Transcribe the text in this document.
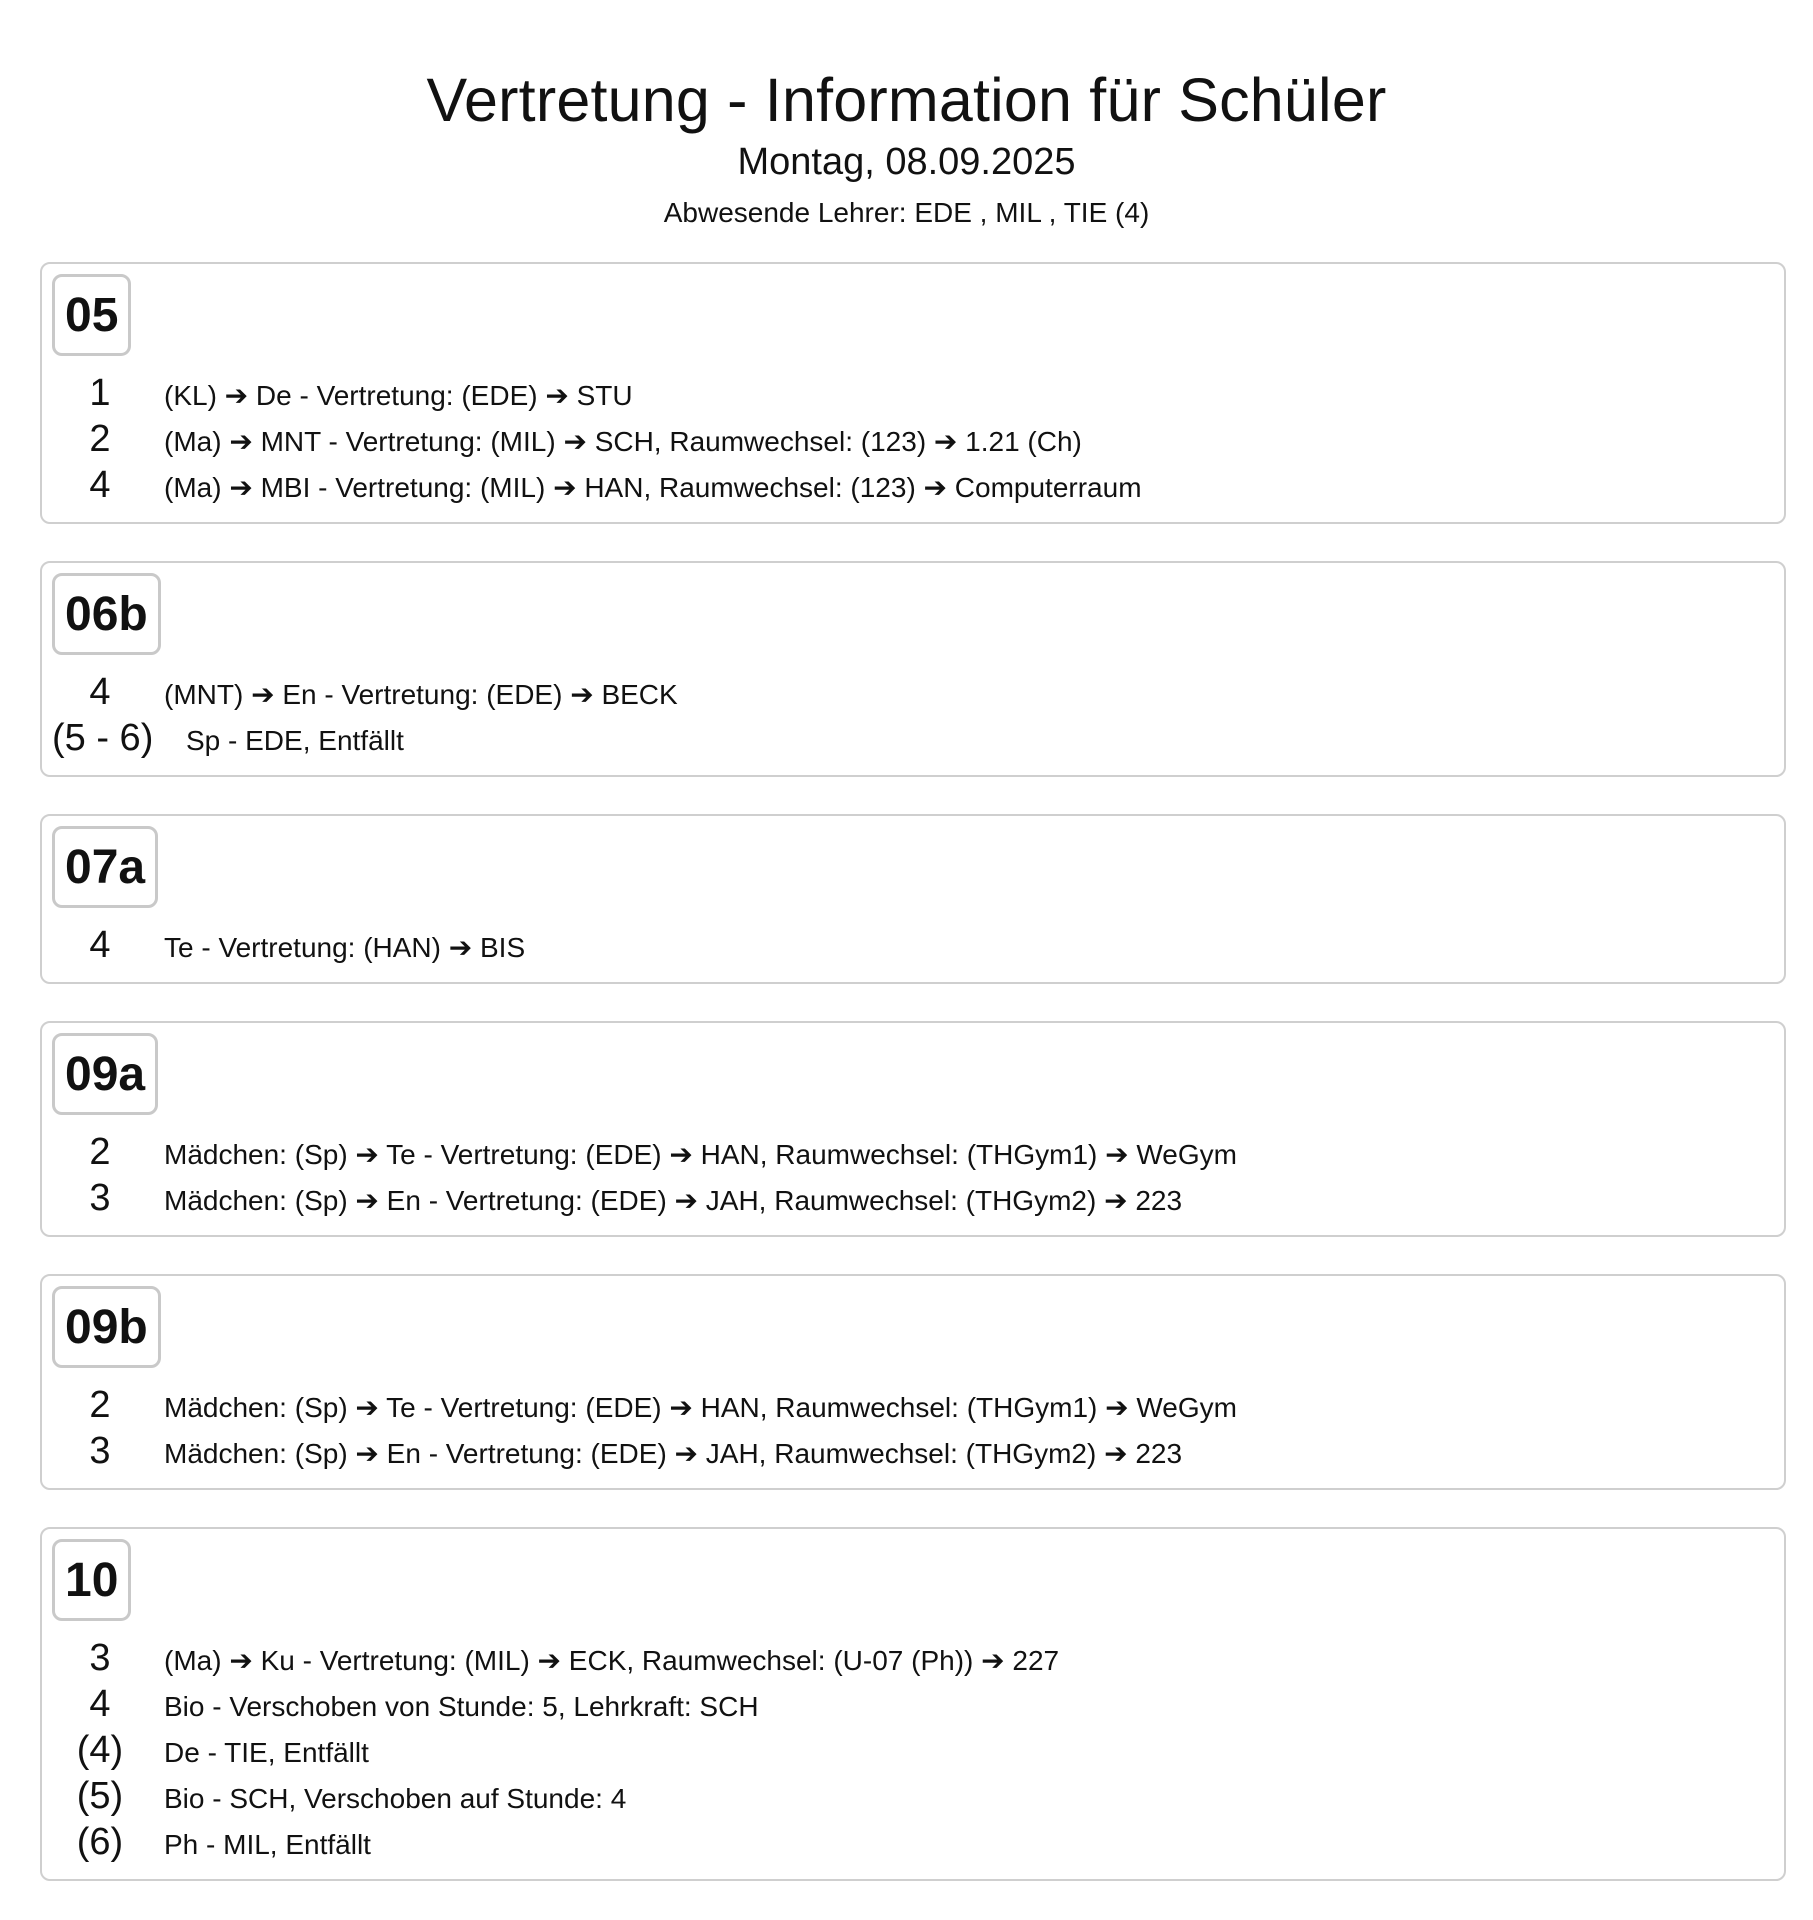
Vertretung - Information für Schüler
Montag, 08.09.2025
Abwesende Lehrer: EDE , MIL , TIE (4)
05
1	(KL) ➔ De - Vertretung: (EDE) ➔ STU
2	(Ma) ➔ MNT - Vertretung: (MIL) ➔ SCH, Raumwechsel: (123) ➔ 1.21 (Ch)
4	(Ma) ➔ MBI - Vertretung: (MIL) ➔ HAN, Raumwechsel: (123) ➔ Computerraum
06b
4	(MNT) ➔ En - Vertretung: (EDE) ➔ BECK
(5 - 6)	Sp - EDE, Entfällt
07a
4	Te - Vertretung: (HAN) ➔ BIS
09a
2	Mädchen: (Sp) ➔ Te - Vertretung: (EDE) ➔ HAN, Raumwechsel: (THGym1) ➔ WeGym
3	Mädchen: (Sp) ➔ En - Vertretung: (EDE) ➔ JAH, Raumwechsel: (THGym2) ➔ 223
09b
2	Mädchen: (Sp) ➔ Te - Vertretung: (EDE) ➔ HAN, Raumwechsel: (THGym1) ➔ WeGym
3	Mädchen: (Sp) ➔ En - Vertretung: (EDE) ➔ JAH, Raumwechsel: (THGym2) ➔ 223
10
3	(Ma) ➔ Ku - Vertretung: (MIL) ➔ ECK, Raumwechsel: (U-07 (Ph)) ➔ 227
4	Bio - Verschoben von Stunde: 5, Lehrkraft: SCH
(4)	De - TIE, Entfällt
(5)	Bio - SCH, Verschoben auf Stunde: 4
(6)	Ph - MIL, Entfällt
